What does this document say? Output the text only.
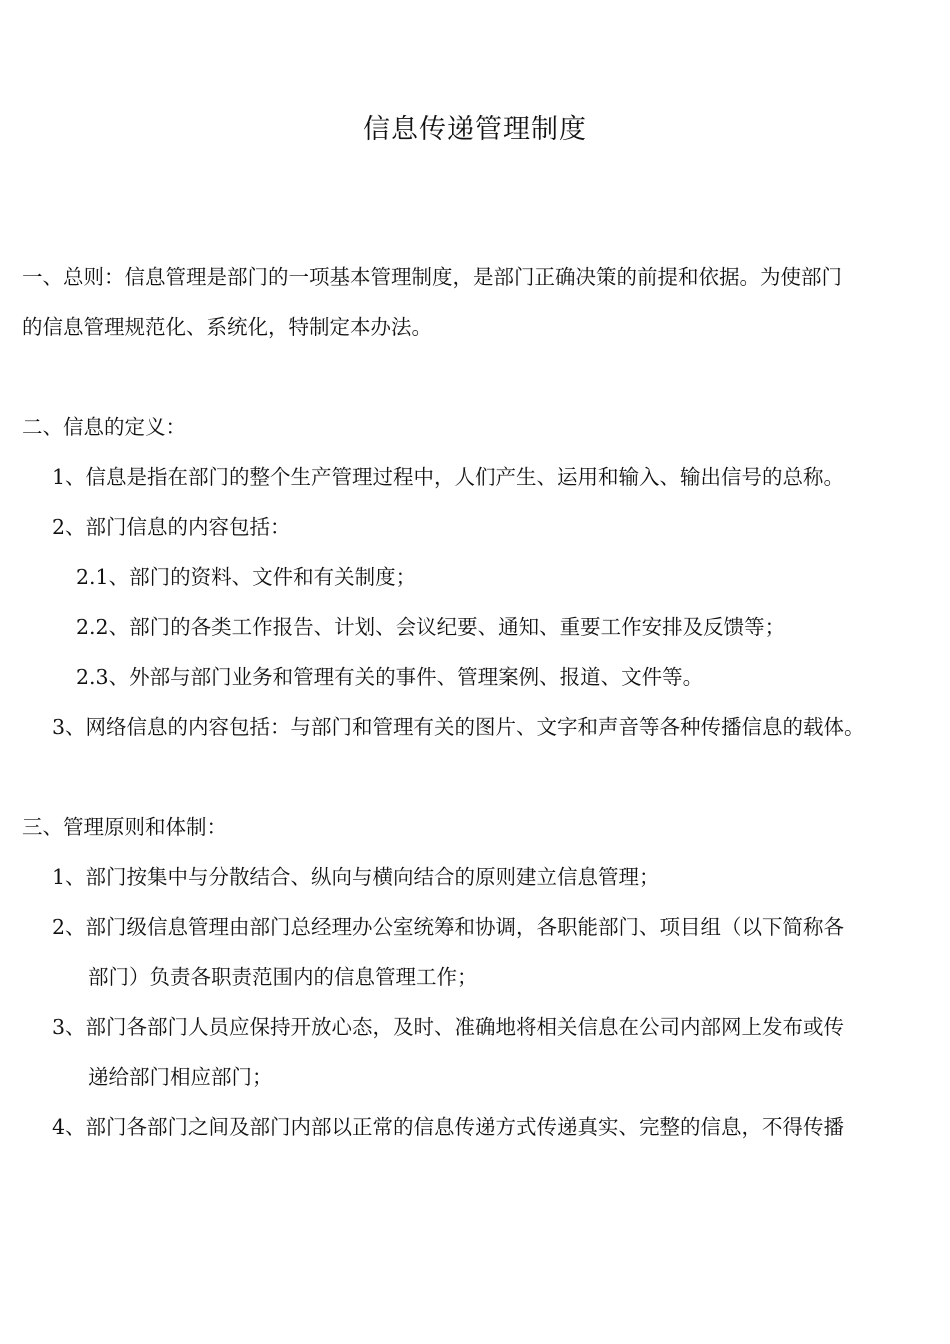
信息传递管理制度
一、总则：信息管理是部门的一项基本管理制度，是部门正确决策的前提和依据。为使部门
的信息管理规范化、系统化，特制定本办法。
二、信息的定义：
1、信息是指在部门的整个生产管理过程中，人们产生、运用和输入、输出信号的总称。
2、部门信息的内容包括：
2.1、部门的资料、文件和有关制度；
2.2、部门的各类工作报告、计划、会议纪要、通知、重要工作安排及反馈等；
2.3、外部与部门业务和管理有关的事件、管理案例、报道、文件等。
3、网络信息的内容包括：与部门和管理有关的图片、文字和声音等各种传播信息的载体。
三、管理原则和体制：
1、部门按集中与分散结合、纵向与横向结合的原则建立信息管理；
2、部门级信息管理由部门总经理办公室统筹和协调，各职能部门、项目组（以下简称各
部门）负责各职责范围内的信息管理工作；
3、部门各部门人员应保持开放心态，及时、准确地将相关信息在公司内部网上发布或传
递给部门相应部门；
4、部门各部门之间及部门内部以正常的信息传递方式传递真实、完整的信息，不得传播
